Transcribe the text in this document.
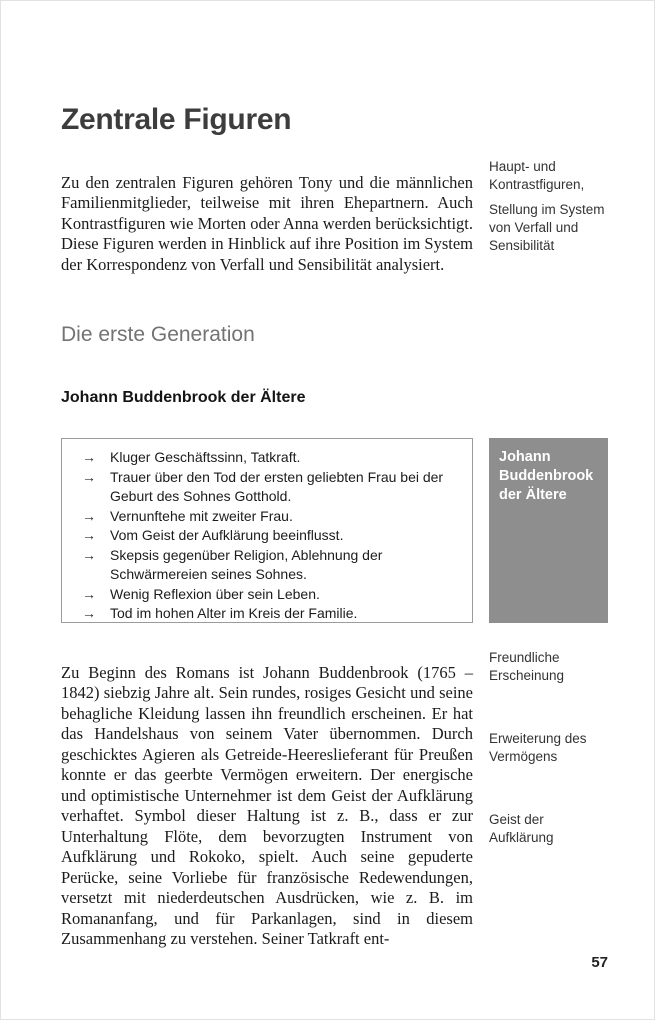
Zentrale Figuren

Zu den zentralen Figuren gehören Tony und die männlichen Familienmitglieder, teilweise mit ihren Ehepartnern. Auch Kontrastfiguren wie Morten oder Anna werden berücksichtigt. Diese Figuren werden in Hinblick auf ihre Position im System der Korrespondenz von Verfall und Sensibilität analysiert.

Haupt- und Kontrastfiguren,
Stellung im System von Verfall und Sensibilität
Die erste Generation
Johann Buddenbrook der Ältere
→ Kluger Geschäftssinn, Tatkraft.
→ Trauer über den Tod der ersten geliebten Frau bei der Geburt des Sohnes Gotthold.
→ Vernunftehe mit zweiter Frau.
→ Vom Geist der Aufklärung beeinflusst.
→ Skepsis gegenüber Religion, Ablehnung der Schwärmereien seines Sohnes.
→ Wenig Reflexion über sein Leben.
→ Tod im hohen Alter im Kreis der Familie.
Johann Buddenbrook der Ältere

Zu Beginn des Romans ist Johann Buddenbrook (1765 – 1842) siebzig Jahre alt. Sein rundes, rosiges Gesicht und seine behagliche Kleidung lassen ihn freundlich erscheinen. Er hat das Handelshaus von seinem Vater übernommen. Durch geschicktes Agieren als Getreide-Heereslieferant für Preußen konnte er das geerbte Vermögen erweitern. Der energische und optimistische Unternehmer ist dem Geist der Aufklärung verhaftet. Symbol dieser Haltung ist z. B., dass er zur Unterhaltung Flöte, dem bevorzugten Instrument von Aufklärung und Rokoko, spielt. Auch seine gepuderte Perücke, seine Vorliebe für französische Redewendungen, versetzt mit niederdeutschen Ausdrücken, wie z. B. im Romananfang, und für Parkanlagen, sind in diesem Zusammenhang zu verstehen. Seiner Tatkraft ent-

Freundliche Erscheinung
Erweiterung des Vermögens
Geist der Aufklärung
57
